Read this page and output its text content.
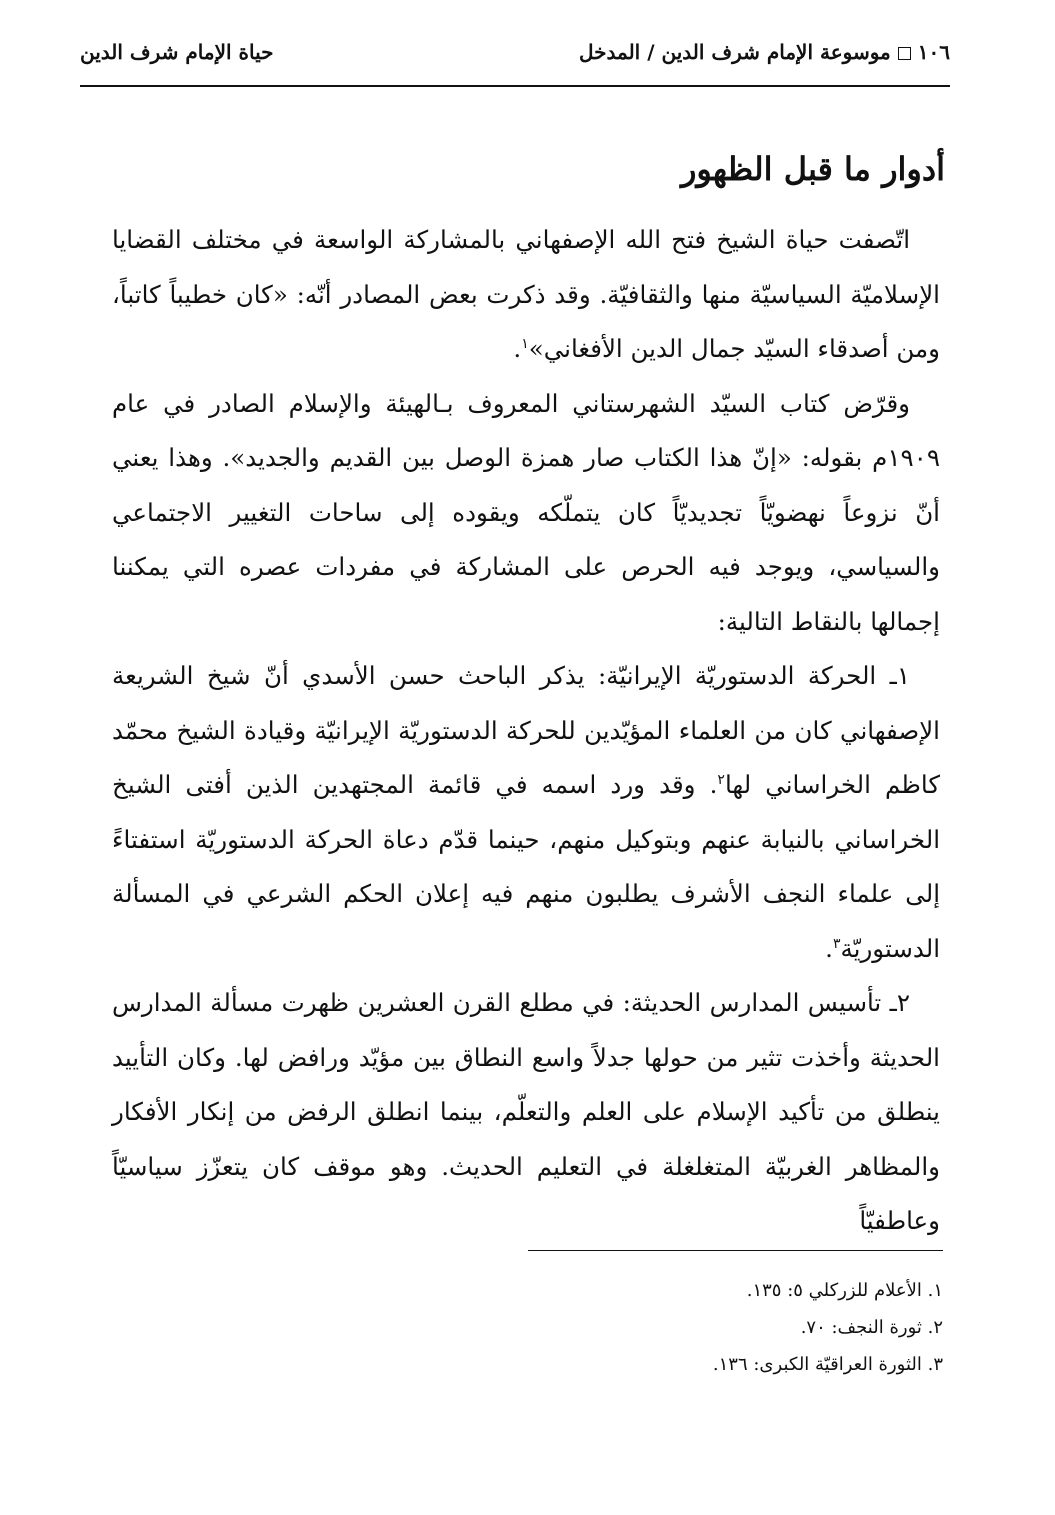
١٠٦موسوعة الإمام شرف الدين / المدخل
حياة الإمام شرف الدين
أدوار ما قبل الظهور

اتّصفت حياة الشيخ فتح الله الإصفهاني بالمشاركة الواسعة في مختلف القضايا الإسلاميّة السياسيّة منها والثقافيّة. وقد ذكرت بعض المصادر أنّه: «كان خطيباً كاتباً، ومن أصدقاء السيّد جمال الدين الأفغاني»$^١$.

وقرّض كتاب السيّد الشهرستاني المعروف بـالهيئة والإسلام الصادر في عام ١٩٠٩م بقوله: «إنّ هذا الكتاب صار همزة الوصل بين القديم والجديد». وهذا يعني أنّ نزوعاً نهضويّاً تجديديّاً كان يتملّكه ويقوده إلى ساحات التغيير الاجتماعي والسياسي، ويوجد فيه الحرص على المشاركة في مفردات عصره التي يمكننا إجمالها بالنقاط التالية:

١ـ الحركة الدستوريّة الإيرانيّة: يذكر الباحث حسن الأسدي أنّ شيخ الشريعة الإصفهاني كان من العلماء المؤيّدين للحركة الدستوريّة الإيرانيّة وقيادة الشيخ محمّد كاظم الخراساني لها$^٢$. وقد ورد اسمه في قائمة المجتهدين الذين أفتى الشيخ الخراساني بالنيابة عنهم وبتوكيل منهم، حينما قدّم دعاة الحركة الدستوريّة استفتاءً إلى علماء النجف الأشرف يطلبون منهم فيه إعلان الحكم الشرعي في المسألة الدستوريّة$^٣$.

٢ـ تأسيس المدارس الحديثة: في مطلع القرن العشرين ظهرت مسألة المدارس الحديثة وأخذت تثير من حولها جدلاً واسع النطاق بين مؤيّد ورافض لها. وكان التأييد ينطلق من تأكيد الإسلام على العلم والتعلّم، بينما انطلق الرفض من إنكار الأفكار والمظاهر الغربيّة المتغلغلة في التعليم الحديث. وهو موقف كان يتعزّز سياسيّاً وعاطفيّاً

١. الأعلام للزركلي ٥: ١٣٥.
٢. ثورة النجف: ٧٠.
٣. الثورة العراقيّة الكبرى: ١٣٦.
